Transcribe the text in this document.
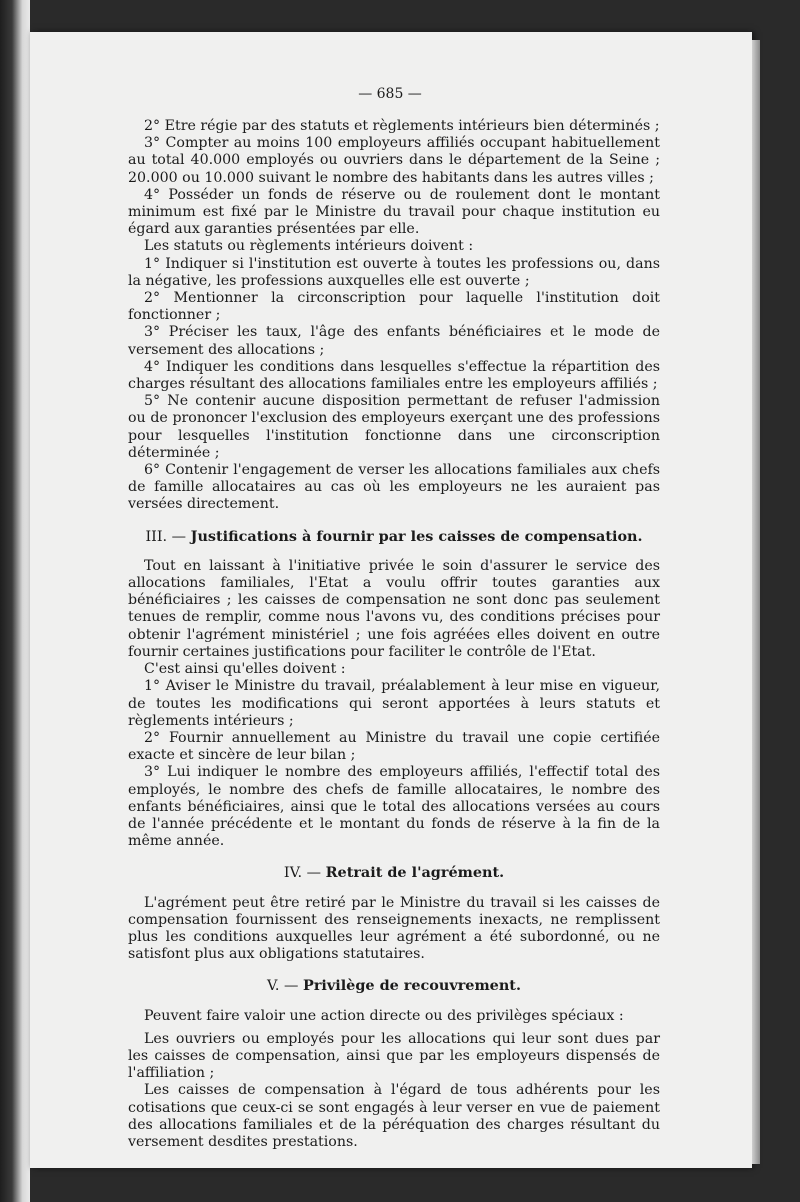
— 685 —

2° Etre régie par des statuts et règlements intérieurs bien déterminés ;

3° Compter au moins 100 employeurs affiliés occupant habituellement au total 40.000 employés ou ouvriers dans le département de la Seine ; 20.000 ou 10.000 suivant le nombre des habitants dans les autres villes ;

4° Posséder un fonds de réserve ou de roulement dont le montant minimum est fixé par le Ministre du travail pour chaque institution eu égard aux garanties présentées par elle.

Les statuts ou règlements intérieurs doivent :

1° Indiquer si l'institution est ouverte à toutes les professions ou, dans la négative, les professions auxquelles elle est ouverte ;

2° Mentionner la circonscription pour laquelle l'institution doit fonctionner ;

3° Préciser les taux, l'âge des enfants bénéficiaires et le mode de versement des allocations ;

4° Indiquer les conditions dans lesquelles s'effectue la répartition des charges résultant des allocations familiales entre les employeurs affiliés ;

5° Ne contenir aucune disposition permettant de refuser l'admission ou de prononcer l'exclusion des employeurs exerçant une des professions pour lesquelles l'institution fonctionne dans une circonscription déterminée ;

6° Contenir l'engagement de verser les allocations familiales aux chefs de famille allocataires au cas où les employeurs ne les auraient pas versées directement.

III. — Justifications à fournir par les caisses de compensation.

Tout en laissant à l'initiative privée le soin d'assurer le service des allocations familiales, l'Etat a voulu offrir toutes garanties aux bénéficiaires ; les caisses de compensation ne sont donc pas seulement tenues de remplir, comme nous l'avons vu, des conditions précises pour obtenir l'agrément ministériel ; une fois agréées elles doivent en outre fournir certaines justifications pour faciliter le contrôle de l'Etat.

C'est ainsi qu'elles doivent :

1° Aviser le Ministre du travail, préalablement à leur mise en vigueur, de toutes les modifications qui seront apportées à leurs statuts et règlements intérieurs ;

2° Fournir annuellement au Ministre du travail une copie certifiée exacte et sincère de leur bilan ;

3° Lui indiquer le nombre des employeurs affiliés, l'effectif total des employés, le nombre des chefs de famille allocataires, le nombre des enfants bénéficiaires, ainsi que le total des allocations versées au cours de l'année précédente et le montant du fonds de réserve à la fin de la même année.

IV. — Retrait de l'agrément.

L'agrément peut être retiré par le Ministre du travail si les caisses de compensation fournissent des renseignements inexacts, ne remplissent plus les conditions auxquelles leur agrément a été subordonné, ou ne satisfont plus aux obligations statutaires.

V. — Privilège de recouvrement.

Peuvent faire valoir une action directe ou des privilèges spéciaux :

Les ouvriers ou employés pour les allocations qui leur sont dues par les caisses de compensation, ainsi que par les employeurs dispensés de l'affiliation ;

Les caisses de compensation à l'égard de tous adhérents pour les cotisations que ceux-ci se sont engagés à leur verser en vue de paiement des allocations familiales et de la péréquation des charges résultant du versement desdites prestations.
